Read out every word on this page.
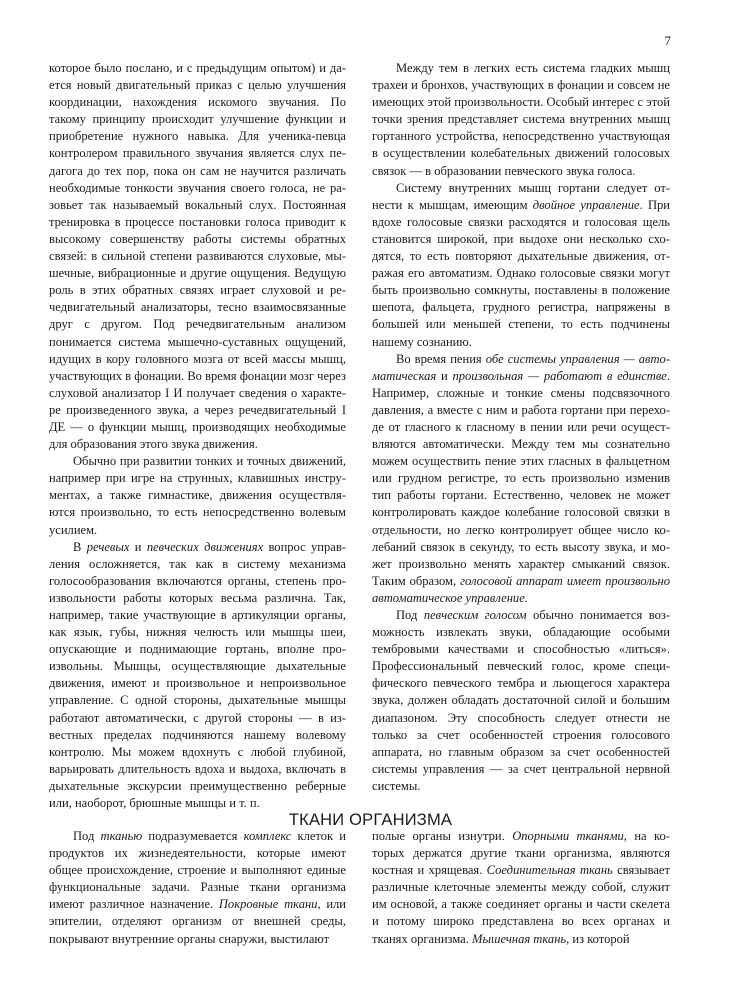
7

которое было послано, и с предыдущим опытом) и дается новый двигательный приказ с целью улучшения координации, нахождения искомого звучания. По такому принципу происходит улучшение функции и приобретение нужного навыка. Для ученика-певца контролером правильного звучания является слух педагога до тех пор, пока он сам не научится различать необходимые тонкости звучания своего голоса, не разовьет так называемый вокальный слух. Постоянная тренировка в процессе постановки голоса приводит к высокому совершенству работы системы обратных связей: в сильной степени развиваются слуховые, мышечные, вибрационные и другие ощущения. Ведущую роль в этих обратных связях играет слуховой и речедвигательный анализаторы, тесно взаимосвязанные друг с другом. Под речедвигательным анализом понимается система мышечно-суставных ощущений, идущих в кору головного мозга от всей массы мышц, участвующих в фонации. Во время фонации мозг через слуховой анализатор I И получает сведения о характере произведенного звука, а через речедвигательный I ДЕ — о функции мышц, производящих необходимые для образования этого звука движения.

Обычно при развитии тонких и точных движений, например при игре на струнных, клавишных инструментах, а также гимнастике, движения осуществляются произвольно, то есть непосредственно волевым усилием.

В речевых и певческих движениях вопрос управления осложняется, так как в систему механизма голосообразования включаются органы, степень произвольности работы которых весьма различна. Так, например, такие участвующие в артикуляции органы, как язык, губы, нижняя челюсть или мышцы шеи, опускающие и поднимающие гортань, вполне произвольны. Мышцы, осуществляющие дыхательные движения, имеют и произвольное и непроизвольное управление. С одной стороны, дыхательные мышцы работают автоматически, с другой стороны — в известных пределах подчиняются нашему волевому контролю. Мы можем вдохнуть с любой глубиной, варьировать длительность вдоха и выдоха, включать в дыхательные экскурсии преимущественно реберные или, наоборот, брюшные мышцы и т. п.

Между тем в легких есть система гладких мышц трахеи и бронхов, участвующих в фонации и совсем не имеющих этой произвольности. Особый интерес с этой точки зрения представляет система внутренних мышц гортанного устройства, непосредственно участвующая в осуществлении колебательных движений голосовых связок — в образовании певческого звука голоса.

Систему внутренних мышц гортани следует отнести к мышцам, имеющим двойное управление. При вдохе голосовые связки расходятся и голосовая щель становится широкой, при выдохе они несколько сходятся, то есть повторяют дыхательные движения, отражая его автоматизм. Однако голосовые связки могут быть произвольно сомкнуты, поставлены в положение шепота, фальцета, грудного регистра, напряжены в большей или меньшей степени, то есть подчинены нашему сознанию.

Во время пения обе системы управления — автоматическая и произвольная — работают в единстве. Например, сложные и тонкие смены подсвязочного давления, а вместе с ним и работа гортани при переходе от гласного к гласному в пении или речи осуществляются автоматически. Между тем мы сознательно можем осуществить пение этих гласных в фальцетном или грудном регистре, то есть произвольно изменив тип работы гортани. Естественно, человек не может контролировать каждое колебание голосовой связки в отдельности, но легко контролирует общее число колебаний связок в секунду, то есть высоту звука, и может произвольно менять характер смыканий связок. Таким образом, голосовой аппарат имеет произвольно автоматическое управление.

Под певческим голосом обычно понимается возможность извлекать звуки, обладающие особыми тембровыми качествами и способностью «литься». Профессиональный певческий голос, кроме специфического певческого тембра и льющегося характера звука, должен обладать достаточной силой и большим диапазоном. Эту способность следует отнести не только за счет особенностей строения голосового аппарата, но главным образом за счет особенностей системы управления — за счет центральной нервной системы.

ТКАНИ ОРГАНИЗМА

Под тканью подразумевается комплекс клеток и продуктов их жизнедеятельности, которые имеют общее происхождение, строение и выполняют единые функциональные задачи. Разные ткани организма имеют различное назначение. Покровные ткани, или эпителии, отделяют организм от внешней среды, покрывают внутренние органы снаружи, выстилают

полые органы изнутри. Опорными тканями, на которых держатся другие ткани организма, являются костная и хрящевая. Соединительная ткань связывает различные клеточные элементы между собой, служит им основой, а также соединяет органы и части скелета и потому широко представлена во всех органах и тканях организма. Мышечная ткань, из которой
